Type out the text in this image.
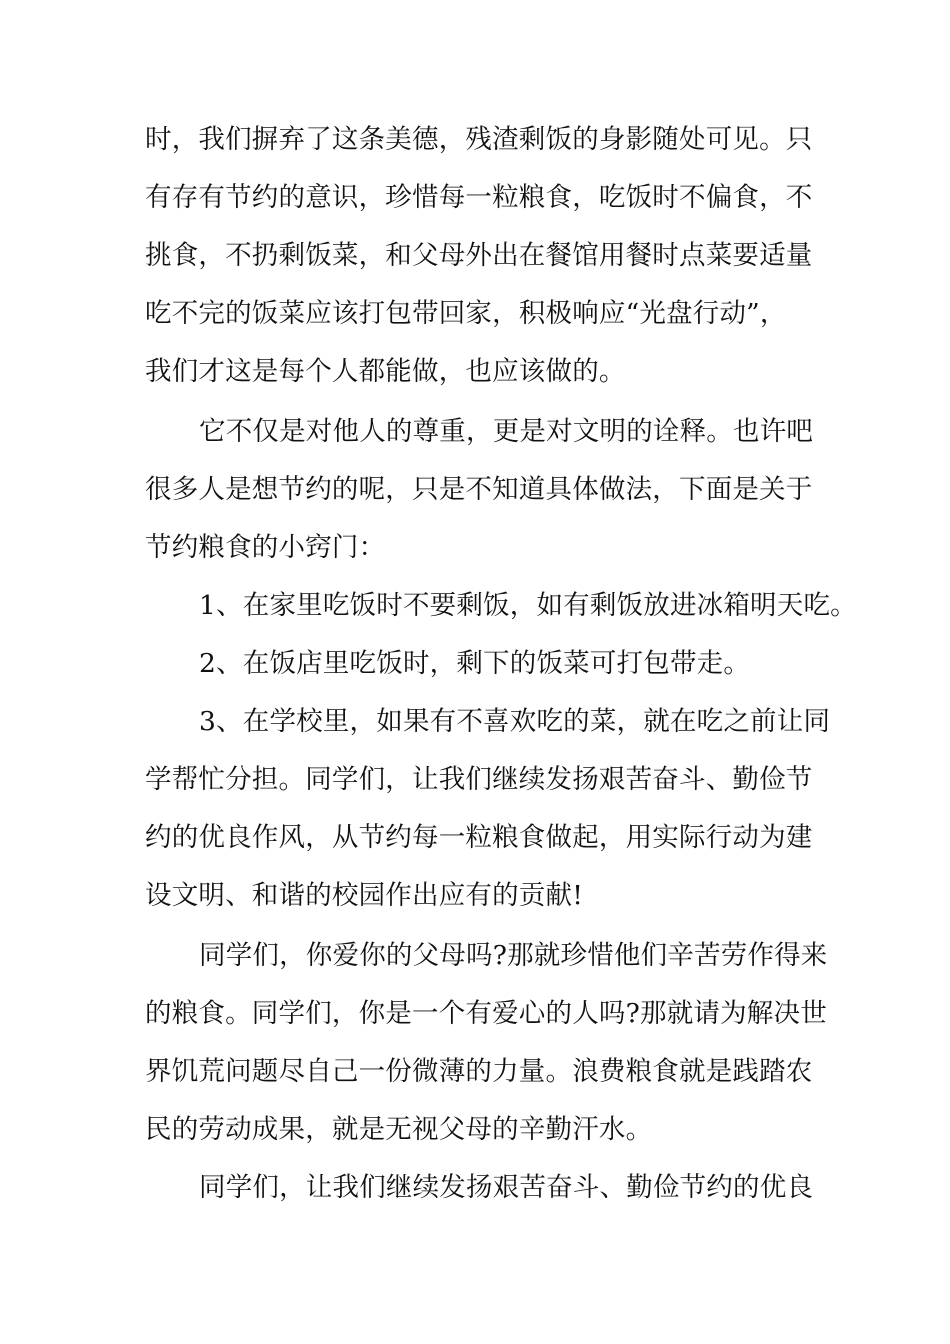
时，我们摒弃了这条美德，残渣剩饭的身影随处可见。只
有存有节约的意识，珍惜每一粒粮食，吃饭时不偏食，不
挑食，不扔剩饭菜，和父母外出在餐馆用餐时点菜要适量
吃不完的饭菜应该打包带回家，积极响应“光盘行动”，
我们才这是每个人都能做，也应该做的。
它不仅是对他人的尊重，更是对文明的诠释。也许吧
很多人是想节约的呢，只是不知道具体做法，下面是关于
节约粮食的小窍门：
1、在家里吃饭时不要剩饭，如有剩饭放进冰箱明天吃。
2、在饭店里吃饭时，剩下的饭菜可打包带走。
3、在学校里，如果有不喜欢吃的菜，就在吃之前让同
学帮忙分担。同学们，让我们继续发扬艰苦奋斗、勤俭节
约的优良作风，从节约每一粒粮食做起，用实际行动为建
设文明、和谐的校园作出应有的贡献!
同学们，你爱你的父母吗?那就珍惜他们辛苦劳作得来
的粮食。同学们，你是一个有爱心的人吗?那就请为解决世
界饥荒问题尽自己一份微薄的力量。浪费粮食就是践踏农
民的劳动成果，就是无视父母的辛勤汗水。
同学们，让我们继续发扬艰苦奋斗、勤俭节约的优良
